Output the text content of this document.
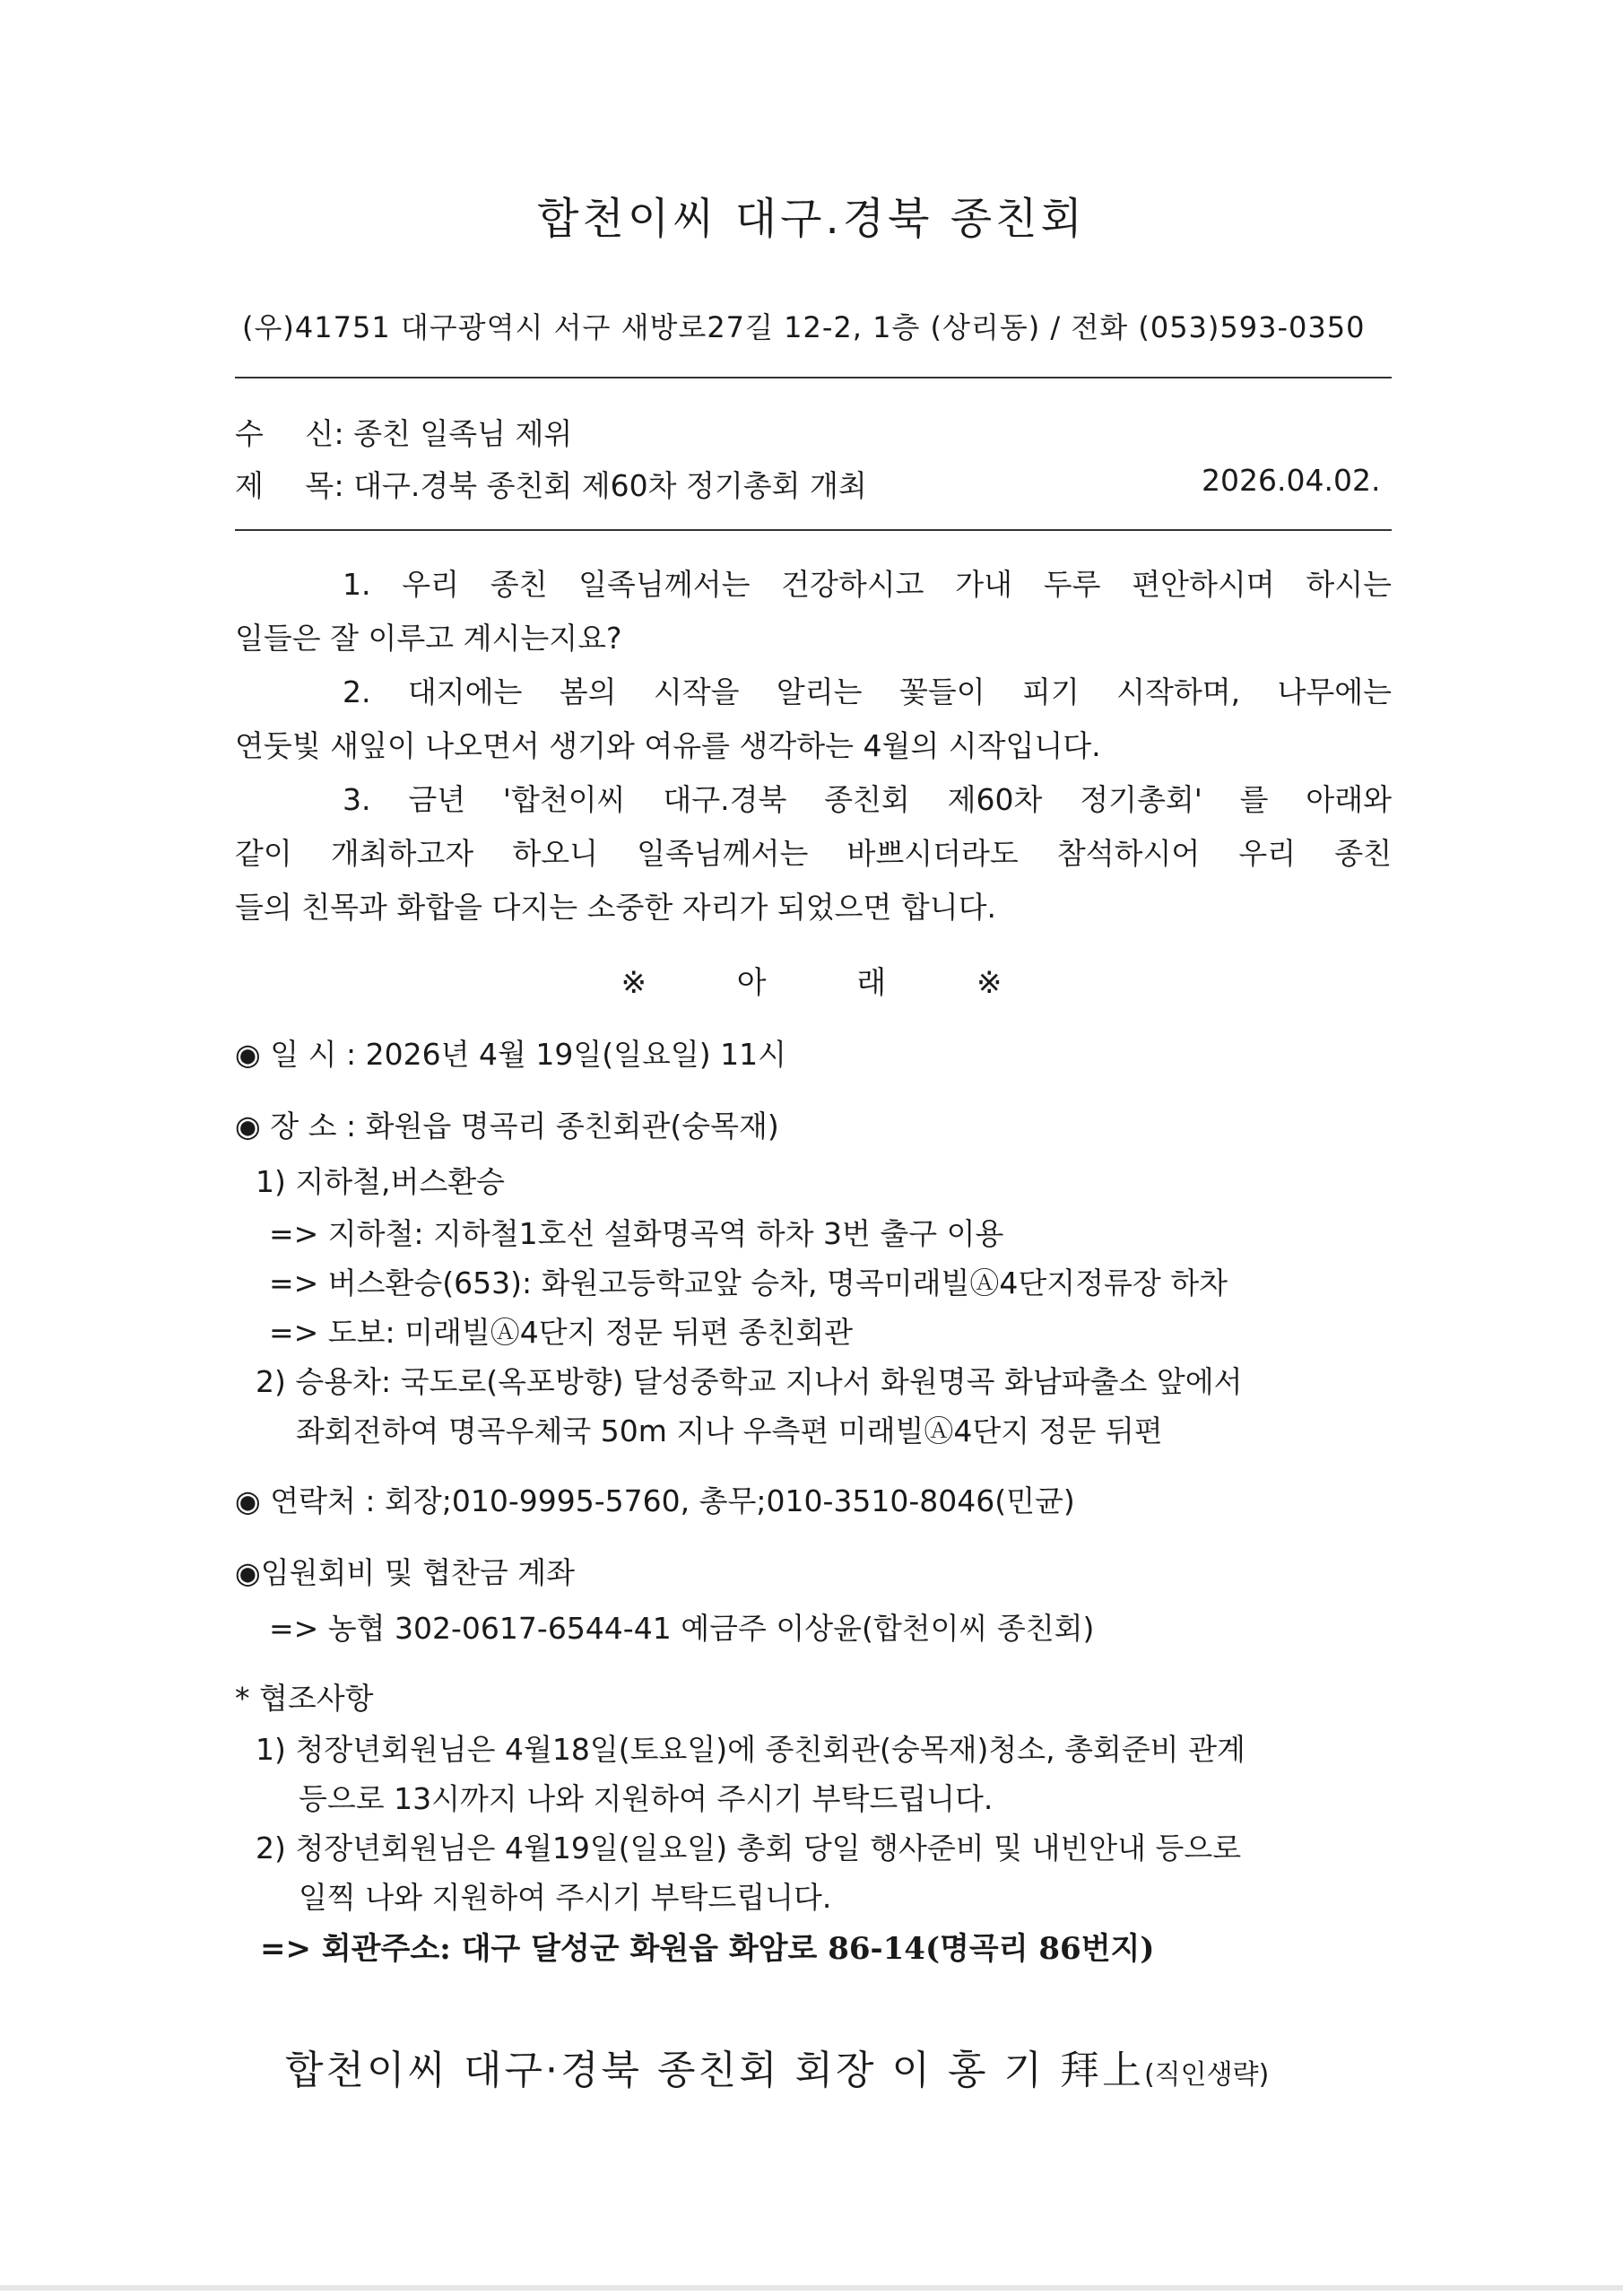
합천이씨 대구.경북 종친회
(우)41751 대구광역시 서구 새방로27길 12-2, 1층 (상리동) / 전화 (053)593-0350
수 신 : 종친 일족님 제위
제 목 : 대구.경북 종친회 제60차 정기총회 개최	2026.04.02.
1. 우리 종친 일족님께서는 건강하시고 가내 두루 편안하시며 하시는
일들은 잘 이루고 계시는지요?
2. 대지에는 봄의 시작을 알리는 꽃들이 피기 시작하며, 나무에는
연둣빛 새잎이 나오면서 생기와 여유를 생각하는 4월의 시작입니다.
3. 금년 '합천이씨 대구.경북 종친회 제60차 정기총회' 를 아래와
같이 개최하고자 하오니 일족님께서는 바쁘시더라도 참석하시어 우리 종친
들의 친목과 화합을 다지는 소중한 자리가 되었으면 합니다.
※ 아 래 ※
◉ 일 시 : 2026년 4월 19일(일요일) 11시
◉ 장 소 : 화원읍 명곡리 종친회관(숭목재)
1) 지하철,버스환승
=> 지하철: 지하철1호선 설화명곡역 하차 3번 출구 이용
=> 버스환승(653): 화원고등학교앞 승차, 명곡미래빌Ⓐ4단지정류장 하차
=> 도보: 미래빌Ⓐ4단지 정문 뒤편 종친회관
2) 승용차: 국도로(옥포방향) 달성중학교 지나서 화원명곡 화남파출소 앞에서
좌회전하여 명곡우체국 50m 지나 우측편 미래빌Ⓐ4단지 정문 뒤편
◉ 연락처 : 회장;010-9995-5760, 총무;010-3510-8046(민균)
◉임원회비 및 협찬금 계좌
=> 농협 302-0617-6544-41 예금주 이상윤(합천이씨 종친회)
* 협조사항
1) 청장년회원님은 4월18일(토요일)에 종친회관(숭목재)청소, 총회준비 관계
등으로 13시까지 나와 지원하여 주시기 부탁드립니다.
2) 청장년회원님은 4월19일(일요일) 총회 당일 행사준비 및 내빈안내 등으로
일찍 나와 지원하여 주시기 부탁드립니다.
=> 회관주소: 대구 달성군 화원읍 화암로 86-14(명곡리 86번지)
합천이씨 대구·경북 종친회 회장 이 홍 기 拜上(직인생략)
